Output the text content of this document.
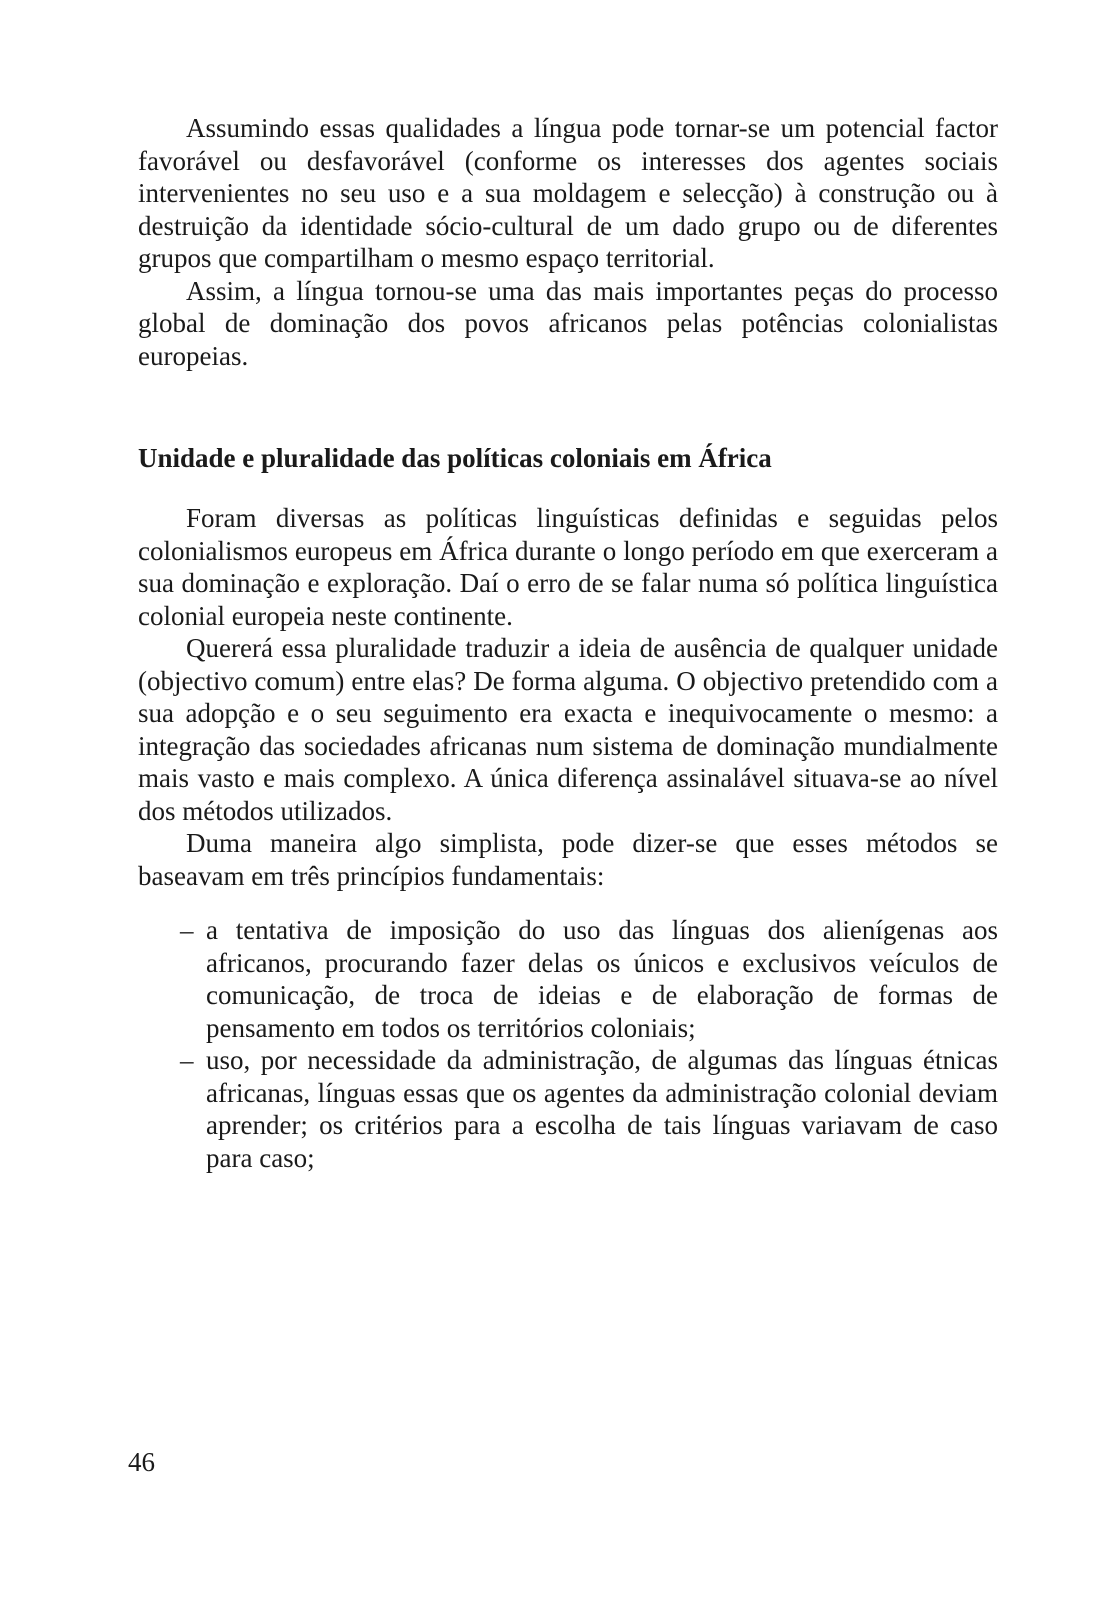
Assumindo essas qualidades a língua pode tornar-se um potencial factor favorável ou desfavorável (conforme os interesses dos agentes sociais intervenientes no seu uso e a sua moldagem e selecção) à construção ou à destruição da identidade sócio-cultural de um dado grupo ou de diferentes grupos que compartilham o mesmo espaço territorial.

Assim, a língua tornou-se uma das mais importantes peças do processo global de dominação dos povos africanos pelas potências colonialistas europeias.

Unidade e pluralidade das políticas coloniais em África

Foram diversas as políticas linguísticas definidas e seguidas pelos colonialismos europeus em África durante o longo período em que exerceram a sua dominação e exploração. Daí o erro de se falar numa só política linguística colonial europeia neste continente.

Quererá essa pluralidade traduzir a ideia de ausência de qualquer unidade (objectivo comum) entre elas? De forma alguma. O objectivo pretendido com a sua adopção e o seu seguimento era exacta e inequivocamente o mesmo: a integração das sociedades africanas num sistema de dominação mundialmente mais vasto e mais complexo. A única diferença assinalável situava-se ao nível dos métodos utilizados.

Duma maneira algo simplista, pode dizer-se que esses métodos se baseavam em três princípios fundamentais:

– a tentativa de imposição do uso das línguas dos alienígenas aos africanos, procurando fazer delas os únicos e exclusivos veículos de comunicação, de troca de ideias e de elaboração de formas de pensamento em todos os territórios coloniais;
– uso, por necessidade da administração, de algumas das línguas étnicas africanas, línguas essas que os agentes da administração colonial deviam aprender; os critérios para a escolha de tais línguas variavam de caso para caso;
46
